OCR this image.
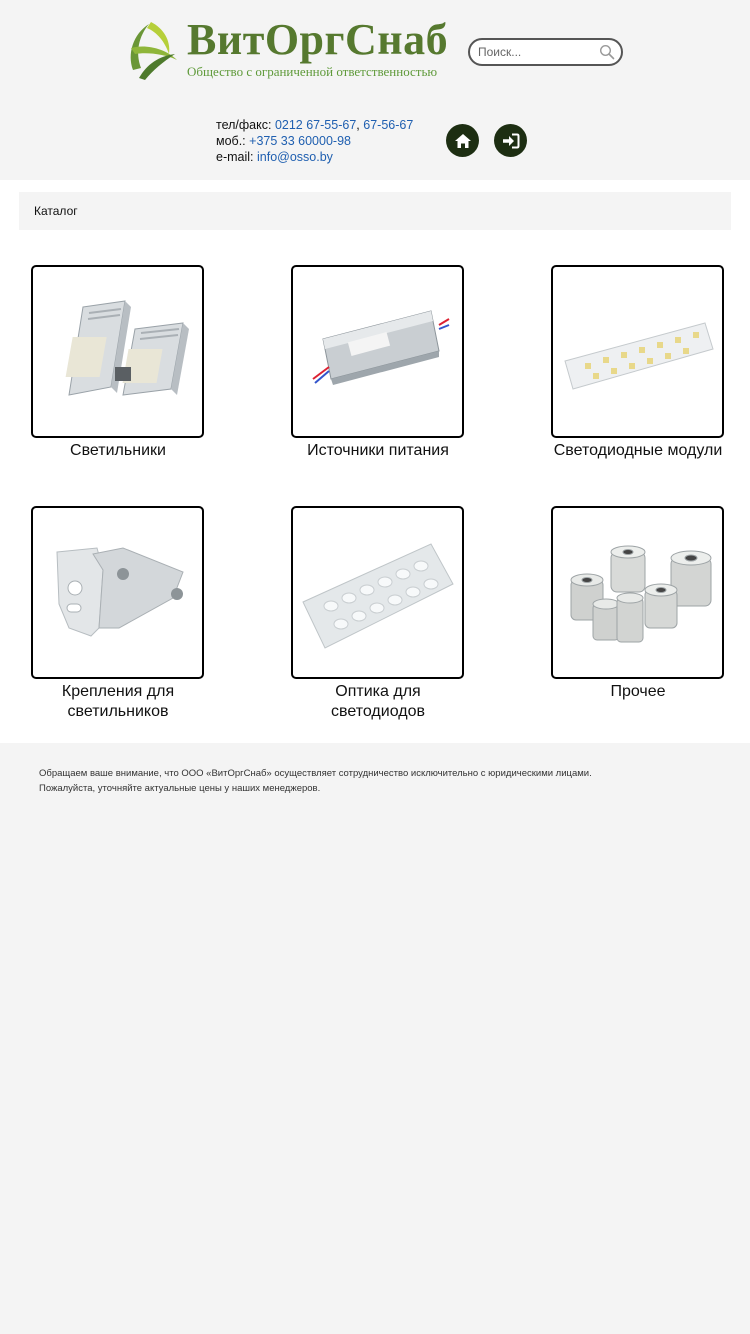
ВитОргСнаб
Общество с ограниченной ответственностью
Поиск...
тел/факс: 0212 67-55-67, 67-56-67
моб.: +375 33 60000-98
e-mail: info@osso.by
Каталог
Светильники	Источники питания	Светодиодные модули
Крепления для светильников
Оптика для светодиодов
Прочее

Обращаем ваше внимание, что ООО «ВитОргСнаб» осуществляет сотрудничество исключительно с юридическими лицами.

Пожалуйста, уточняйте актуальные цены у наших менеджеров.
